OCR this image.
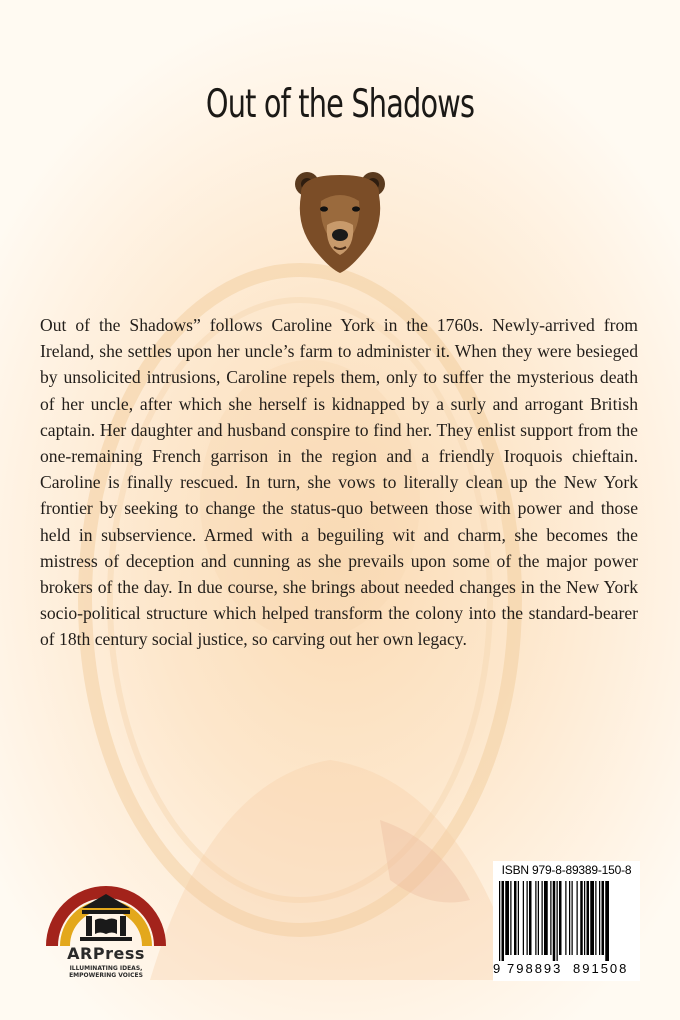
Out of the Shadows

Out of the Shadows” follows Caroline York in the 1760s. Newly-arrived from Ireland, she settles upon her uncle’s farm to administer it. When they were besieged by unsolicited intrusions, Caroline repels them, only to suffer the mysterious death of her uncle, after which she herself is kidnapped by a surly and arrogant British captain. Her daughter and husband conspire to find her. They enlist support from the one-remaining French garrison in the region and a friendly Iroquois chieftain. Caroline is finally rescued. In turn, she vows to literally clean up the New York frontier by seeking to change the status-quo between those with power and those held in subservience. Armed with a beguiling wit and charm, she becomes the mistress of deception and cunning as she prevails upon some of the major power brokers of the day. In due course, she brings about needed changes in the New York socio-political structure which helped transform the colony into the standard-bearer of 18th century social justice, so carving out her own legacy.

ARPress
ILLUMINATING IDEAS,
EMPOWERING VOICES
ISBN 979-8-89389-150-8
9 798893 891508
